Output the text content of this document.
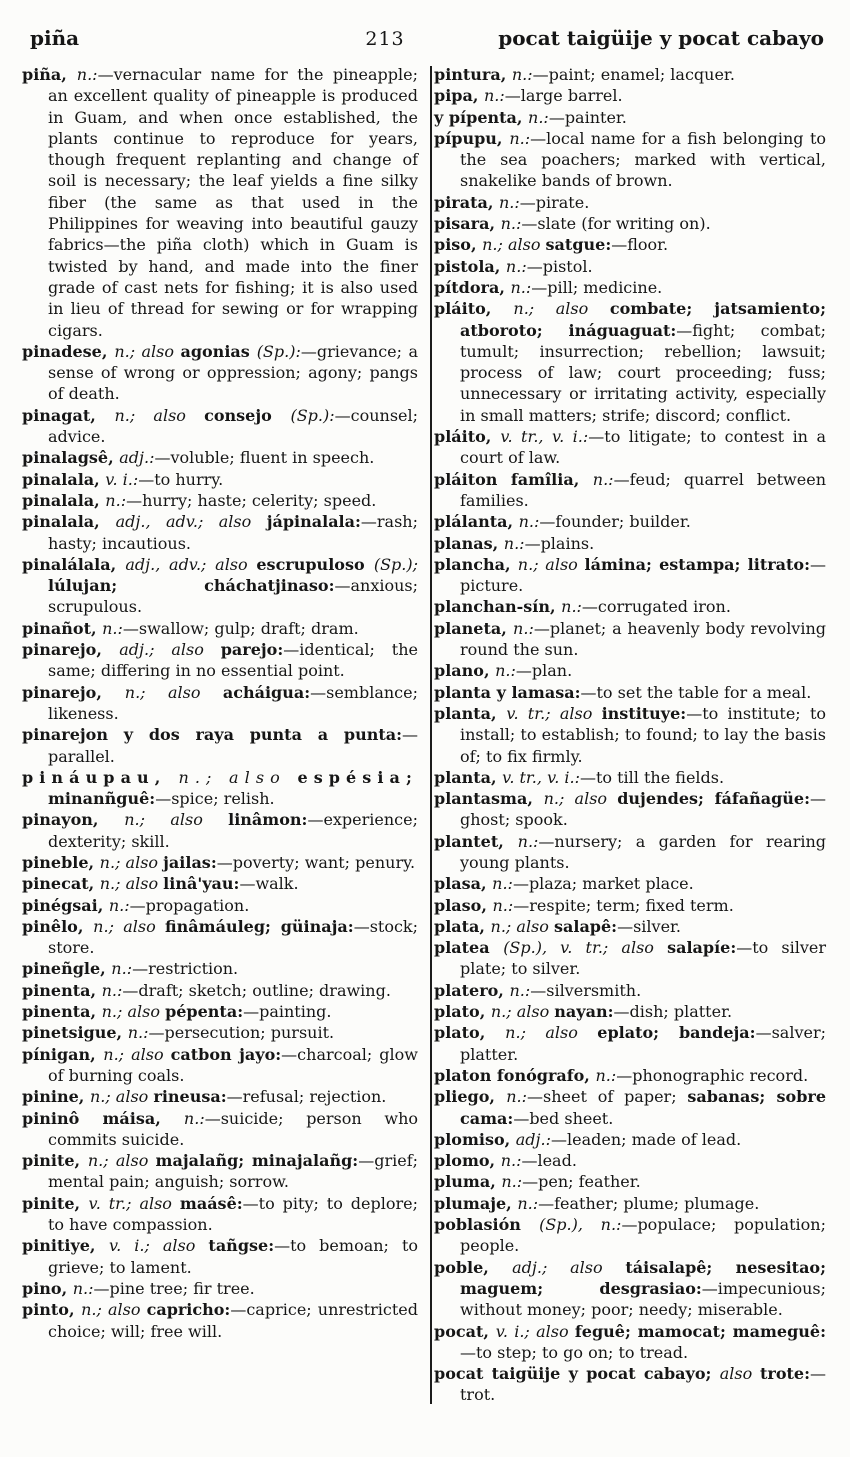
piña	213	pocat taigüije y pocat cabayo

piña, n.:—vernacular name for the pineapple; an excellent quality of pineapple is produced in Guam, and when once established, the plants continue to reproduce for years, though frequent replanting and change of soil is necessary; the leaf yields a fine silky fiber (the same as that used in the Philippines for weaving into beautiful gauzy fabrics—the piña cloth) which in Guam is twisted by hand, and made into the finer grade of cast nets for fishing; it is also used in lieu of thread for sewing or for wrapping cigars.

pinadese, n.; also agonias (Sp.):—grievance; a sense of wrong or oppression; agony; pangs of death.

pinagat, n.; also consejo (Sp.):—counsel; advice.

pinalagsê, adj.:—voluble; fluent in speech.

pinalala, v. i.:—to hurry.

pinalala, n.:—hurry; haste; celerity; speed.

pinalala, adj., adv.; also jápinalala:—rash; hasty; incautious.

pinalálala, adj., adv.; also escrupuloso (Sp.); lúlujan; cháchatjinaso:—anxious; scrupulous.

pinañot, n.:—swallow; gulp; draft; dram.

pinarejo, adj.; also parejo:—identical; the same; differing in no essential point.

pinarejo, n.; also acháigua:—semblance; likeness.

pinarejon y dos raya punta a punta:—parallel.

pináupau, n.; also espésia; minanñguê:—spice; relish.

pinayon, n.; also linâmon:—experience; dexterity; skill.

pineble, n.; also jailas:—poverty; want; penury.

pinecat, n.; also linâ'yau:—walk.

pinégsai, n.:—propagation.

pinêlo, n.; also finâmáuleg; güinaja:—stock; store.

pineñgle, n.:—restriction.

pinenta, n.:—draft; sketch; outline; drawing.

pinenta, n.; also pépenta:—painting.

pinetsigue, n.:—persecution; pursuit.

pínigan, n.; also catbon jayo:—charcoal; glow of burning coals.

pinine, n.; also rineusa:—refusal; rejection.

pininô máisa, n.:—suicide; person who commits suicide.

pinite, n.; also majalañg; minajalañg:—grief; mental pain; anguish; sorrow.

pinite, v. tr.; also maásê:—to pity; to deplore; to have compassion.

pinitiye, v. i.; also tañgse:—to bemoan; to grieve; to lament.

pino, n.:—pine tree; fir tree.

pinto, n.; also capricho:—caprice; unrestricted choice; will; free will.

pintura, n.:—paint; enamel; lacquer.

pipa, n.:—large barrel.

y pípenta, n.:—painter.

pípupu, n.:—local name for a fish belonging to the sea poachers; marked with vertical, snakelike bands of brown.

pirata, n.:—pirate.

pisara, n.:—slate (for writing on).

piso, n.; also satgue:—floor.

pistola, n.:—pistol.

pítdora, n.:—pill; medicine.

pláito, n.; also combate; jatsamiento; atboroto; ináguaguat:—fight; combat; tumult; insurrection; rebellion; lawsuit; process of law; court proceeding; fuss; unnecessary or irritating activity, especially in small matters; strife; discord; conflict.

pláito, v. tr., v. i.:—to litigate; to contest in a court of law.

pláiton famîlia, n.:—feud; quarrel between families.

plálanta, n.:—founder; builder.

planas, n.:—plains.

plancha, n.; also lámina; estampa; litrato:—picture.

planchan-sín, n.:—corrugated iron.

planeta, n.:—planet; a heavenly body revolving round the sun.

plano, n.:—plan.

planta y lamasa:—to set the table for a meal.

planta, v. tr.; also instituye:—to institute; to install; to establish; to found; to lay the basis of; to fix firmly.

planta, v. tr., v. i.:—to till the fields.

plantasma, n.; also dujendes; fáfañagüe:—ghost; spook.

plantet, n.:—nursery; a garden for rearing young plants.

plasa, n.:—plaza; market place.

plaso, n.:—respite; term; fixed term.

plata, n.; also salapê:—silver.

platea (Sp.), v. tr.; also salapíe:—to silver plate; to silver.

platero, n.:—silversmith.

plato, n.; also nayan:—dish; platter.

plato, n.; also eplato; bandeja:—salver; platter.

platon fonógrafo, n.:—phonographic record.

pliego, n.:—sheet of paper; sabanas; sobre cama:—bed sheet.

plomiso, adj.:—leaden; made of lead.

plomo, n.:—lead.

pluma, n.:—pen; feather.

plumaje, n.:—feather; plume; plumage.

poblasión (Sp.), n.:—populace; population; people.

poble, adj.; also táisalapê; nesesitao; maguem; desgrasiao:—impecunious; without money; poor; needy; miserable.

pocat, v. i.; also feguê; mamocat; mameguê:—to step; to go on; to tread.

pocat taigüije y pocat cabayo; also trote:—trot.
